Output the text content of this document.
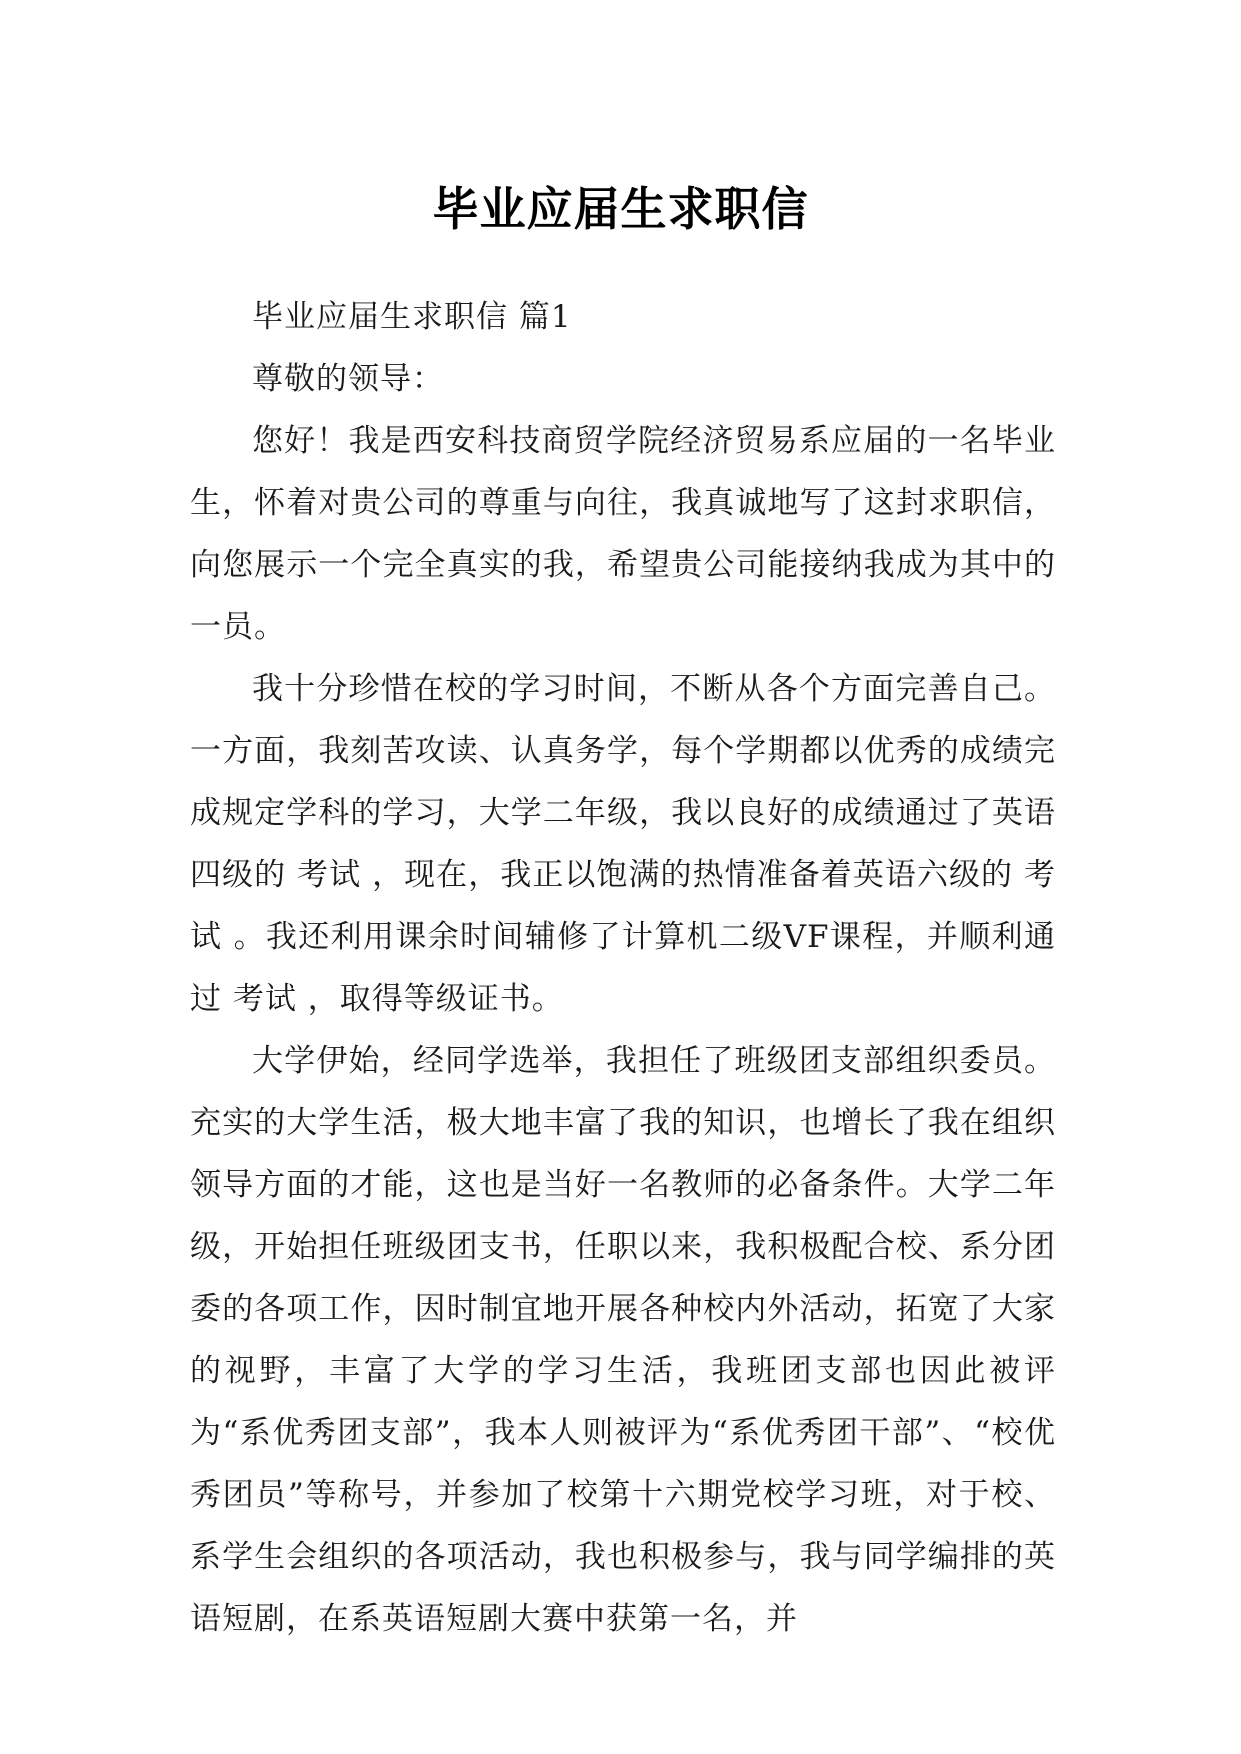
毕业应届生求职信

毕业应届生求职信 篇1

尊敬的领导：

您好！我是西安科技商贸学院经济贸易系应届的一名毕业生，怀着对贵公司的尊重与向往，我真诚地写了这封求职信，向您展示一个完全真实的我，希望贵公司能接纳我成为其中的一员。

我十分珍惜在校的学习时间，不断从各个方面完善自己。一方面，我刻苦攻读、认真务学，每个学期都以优秀的成绩完成规定学科的学习，大学二年级，我以良好的成绩通过了英语 四级的 考试 ，现在，我正以饱满的热情准备着英语六级的 考试 。我还利用课余时间辅修了计算机二级VF课程，并顺利通过 考试 ，取得等级证书。

大学伊始，经同学选举，我担任了班级团支部组织委员。充实的大学生活，极大地丰富了我的知识，也增长了我在组织领导方面的才能，这也是当好一名教师的必备条件。大学二年级，开始担任班级团支书，任职以来，我积极配合校、系分团委的各项工作，因时制宜地开展各种校内外活动，拓宽了大家的视野，丰富了大学的学习生活，我班团支部也因此被评为“系优秀团支部”，我本人则被评为“系优秀团干部”、“校优秀团员”等称号，并参加了校第十六期党校学习班，对于校、系学生会组织的各项活动，我也积极参与，我与同学编排的英语短剧，在系英语短剧大赛中获第一名，并
